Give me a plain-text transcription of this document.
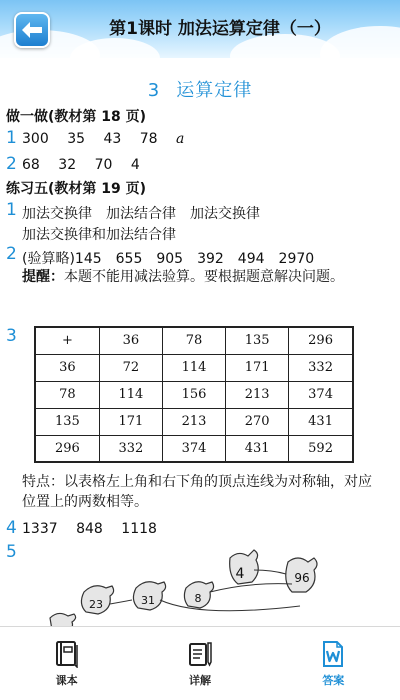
第1课时 加法运算定律（一）
3 运算定律
做一做(教材第 18 页)
1 300 35 43 78 a
2 68 32 70 4
练习五(教材第 19 页)
1 加法交换律　加法结合律　加法交换律
加法交换律和加法结合律
2 (验算略)145　655　905　392　494　2970
提醒：本题不能用减法验算。要根据题意解决问题。
3	+	36	78	135	296
36	72	114	171	332
78	114	156	213	374
135	171	213	270	431
296	332	374	431	592
特点：以表格左上角和右下角的顶点连线为对称轴，对应位置上的两数相等。
4 1337 848 1118
5
4	96
23	31	8
课本	详解	答案
